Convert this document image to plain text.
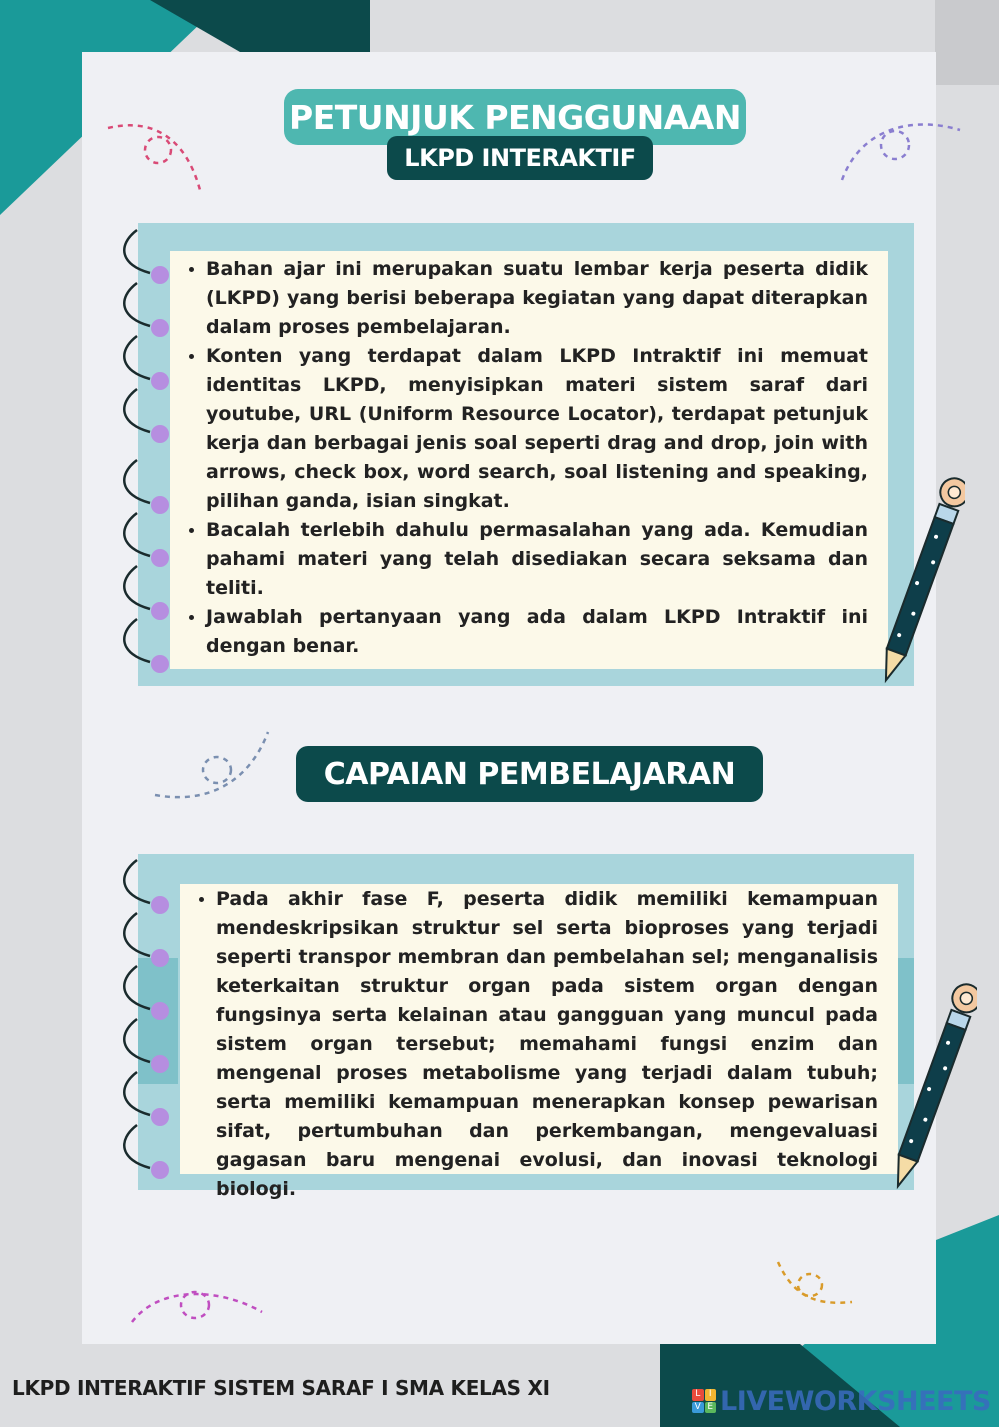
PETUNJUK PENGGUNAAN
LKPD INTERAKTIF
• Bahan ajar ini merupakan suatu lembar kerja peserta didik (LKPD) yang berisi beberapa kegiatan yang dapat diterapkan dalam proses pembelajaran.
• Konten yang terdapat dalam LKPD Intraktif ini memuat identitas LKPD, menyisipkan materi sistem saraf dari youtube, URL (Uniform Resource Locator), terdapat petunjuk kerja dan berbagai jenis soal seperti drag and drop, join with arrows, check box, word search, soal listening and speaking, pilihan ganda, isian singkat.
• Bacalah terlebih dahulu permasalahan yang ada. Kemudian pahami materi yang telah disediakan secara seksama dan teliti.
• Jawablah pertanyaan yang ada dalam LKPD Intraktif ini dengan benar.
CAPAIAN PEMBELAJARAN
• Pada akhir fase F, peserta didik memiliki kemampuan mendeskripsikan struktur sel serta bioproses yang terjadi seperti transpor membran dan pembelahan sel; menganalisis keterkaitan struktur organ pada sistem organ dengan fungsinya serta kelainan atau gangguan yang muncul pada sistem organ tersebut; memahami fungsi enzim dan mengenal proses metabolisme yang terjadi dalam tubuh; serta memiliki kemampuan menerapkan konsep pewarisan sifat, pertumbuhan dan perkembangan, mengevaluasi gagasan baru mengenai evolusi, dan inovasi teknologi biologi.
LKPD INTERAKTIF SISTEM SARAF I SMA KELAS XI	L I
V E LIVEWORKSHEETS
